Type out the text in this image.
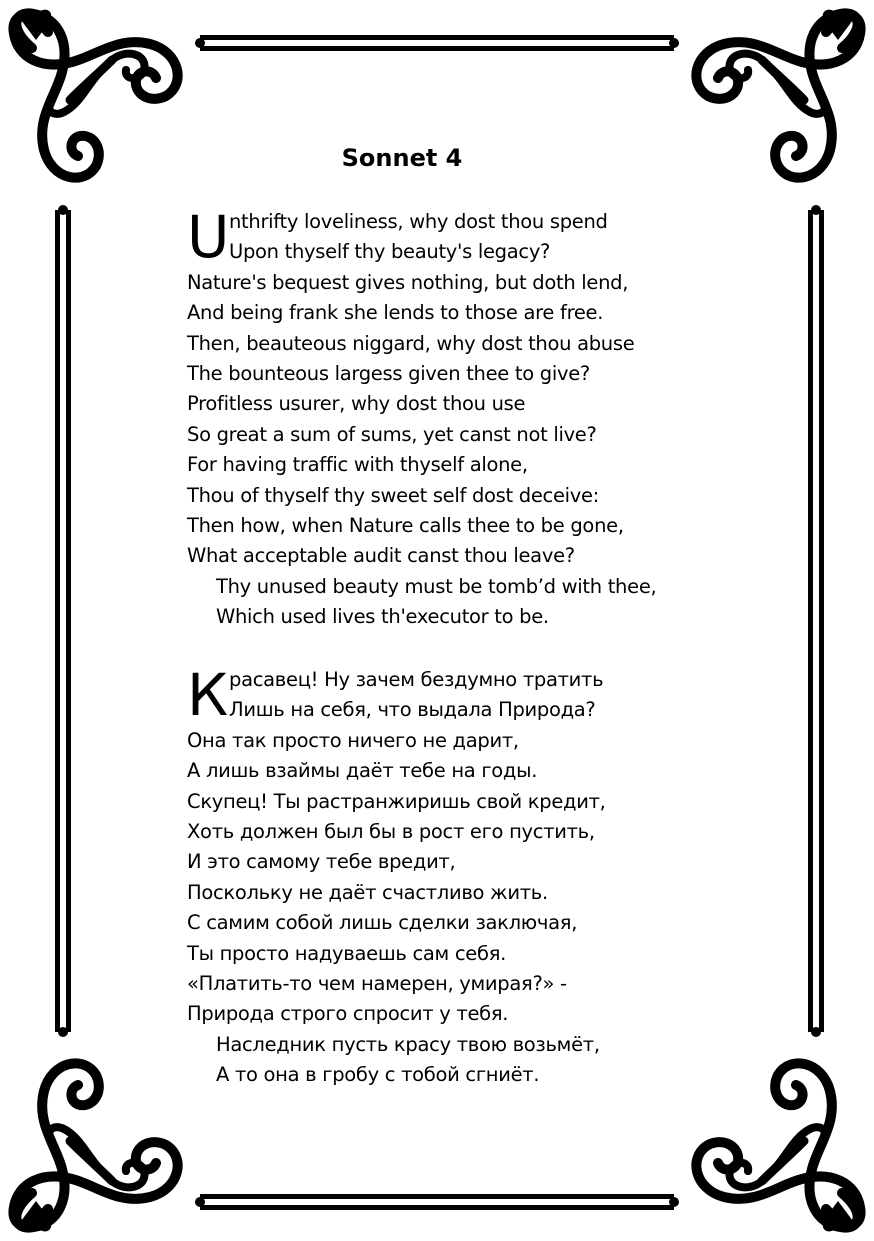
Sonnet 4
U nthrifty loveliness, why dost thou spend
Upon thyself thy beauty's legacy?
Nature's bequest gives nothing, but doth lend,
And being frank she lends to those are free.
Then, beauteous niggard, why dost thou abuse
The bounteous largess given thee to give?
Profitless usurer, why dost thou use
So great a sum of sums, yet canst not live?
For having traffic with thyself alone,
Thou of thyself thy sweet self dost deceive:
Then how, when Nature calls thee to be gone,
What acceptable audit canst thou leave?
Thy unused beauty must be tomb’d with thee,
Which used lives th'executor to be.
К расавец! Ну зачем бездумно тратить
Лишь на себя, что выдала Природа?
Она так просто ничего не дарит,
А лишь взаймы даёт тебе на годы.
Скупец! Ты растранжиришь свой кредит,
Хоть должен был бы в рост его пустить,
И это самому тебе вредит,
Поскольку не даёт счастливо жить.
С самим собой лишь сделки заключая,
Ты просто надуваешь сам себя.
«Платить-то чем намерен, умирая?» -
Природа строго спросит у тебя.
Наследник пусть красу твою возьмёт,
А то она в гробу с тобой сгниёт.
